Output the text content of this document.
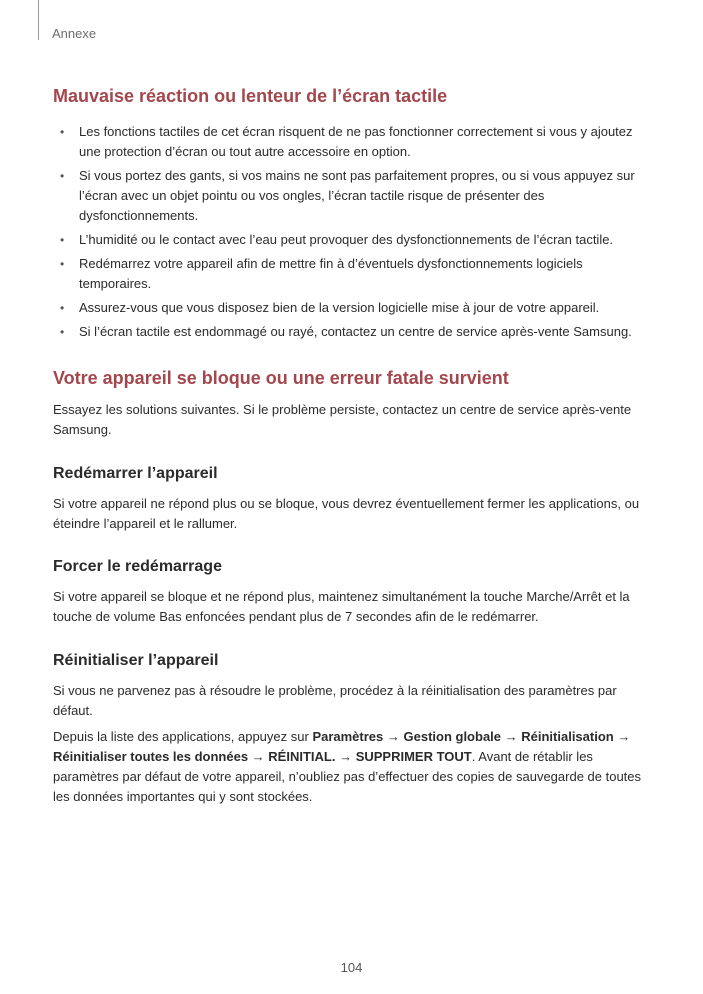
Annexe
Mauvaise réaction ou lenteur de l’écran tactile
• Les fonctions tactiles de cet écran risquent de ne pas fonctionner correctement si vous y ajoutez une protection d’écran ou tout autre accessoire en option.
• Si vous portez des gants, si vos mains ne sont pas parfaitement propres, ou si vous appuyez sur l’écran avec un objet pointu ou vos ongles, l’écran tactile risque de présenter des dysfonctionnements.
• L’humidité ou le contact avec l’eau peut provoquer des dysfonctionnements de l’écran tactile.
• Redémarrez votre appareil afin de mettre fin à d’éventuels dysfonctionnements logiciels temporaires.
• Assurez-vous que vous disposez bien de la version logicielle mise à jour de votre appareil.
• Si l’écran tactile est endommagé ou rayé, contactez un centre de service après-vente Samsung.
Votre appareil se bloque ou une erreur fatale survient

Essayez les solutions suivantes. Si le problème persiste, contactez un centre de service après-vente Samsung.

Redémarrer l’appareil

Si votre appareil ne répond plus ou se bloque, vous devrez éventuellement fermer les applications, ou éteindre l’appareil et le rallumer.

Forcer le redémarrage

Si votre appareil se bloque et ne répond plus, maintenez simultanément la touche Marche/Arrêt et la touche de volume Bas enfoncées pendant plus de 7 secondes afin de le redémarrer.

Réinitialiser l’appareil

Si vous ne parvenez pas à résoudre le problème, procédez à la réinitialisation des paramètres par défaut.

Depuis la liste des applications, appuyez sur Paramètres → Gestion globale → Réinitialisation → Réinitialiser toutes les données → RÉINITIAL. → SUPPRIMER TOUT. Avant de rétablir les paramètres par défaut de votre appareil, n’oubliez pas d’effectuer des copies de sauvegarde de toutes les données importantes qui y sont stockées.

104
